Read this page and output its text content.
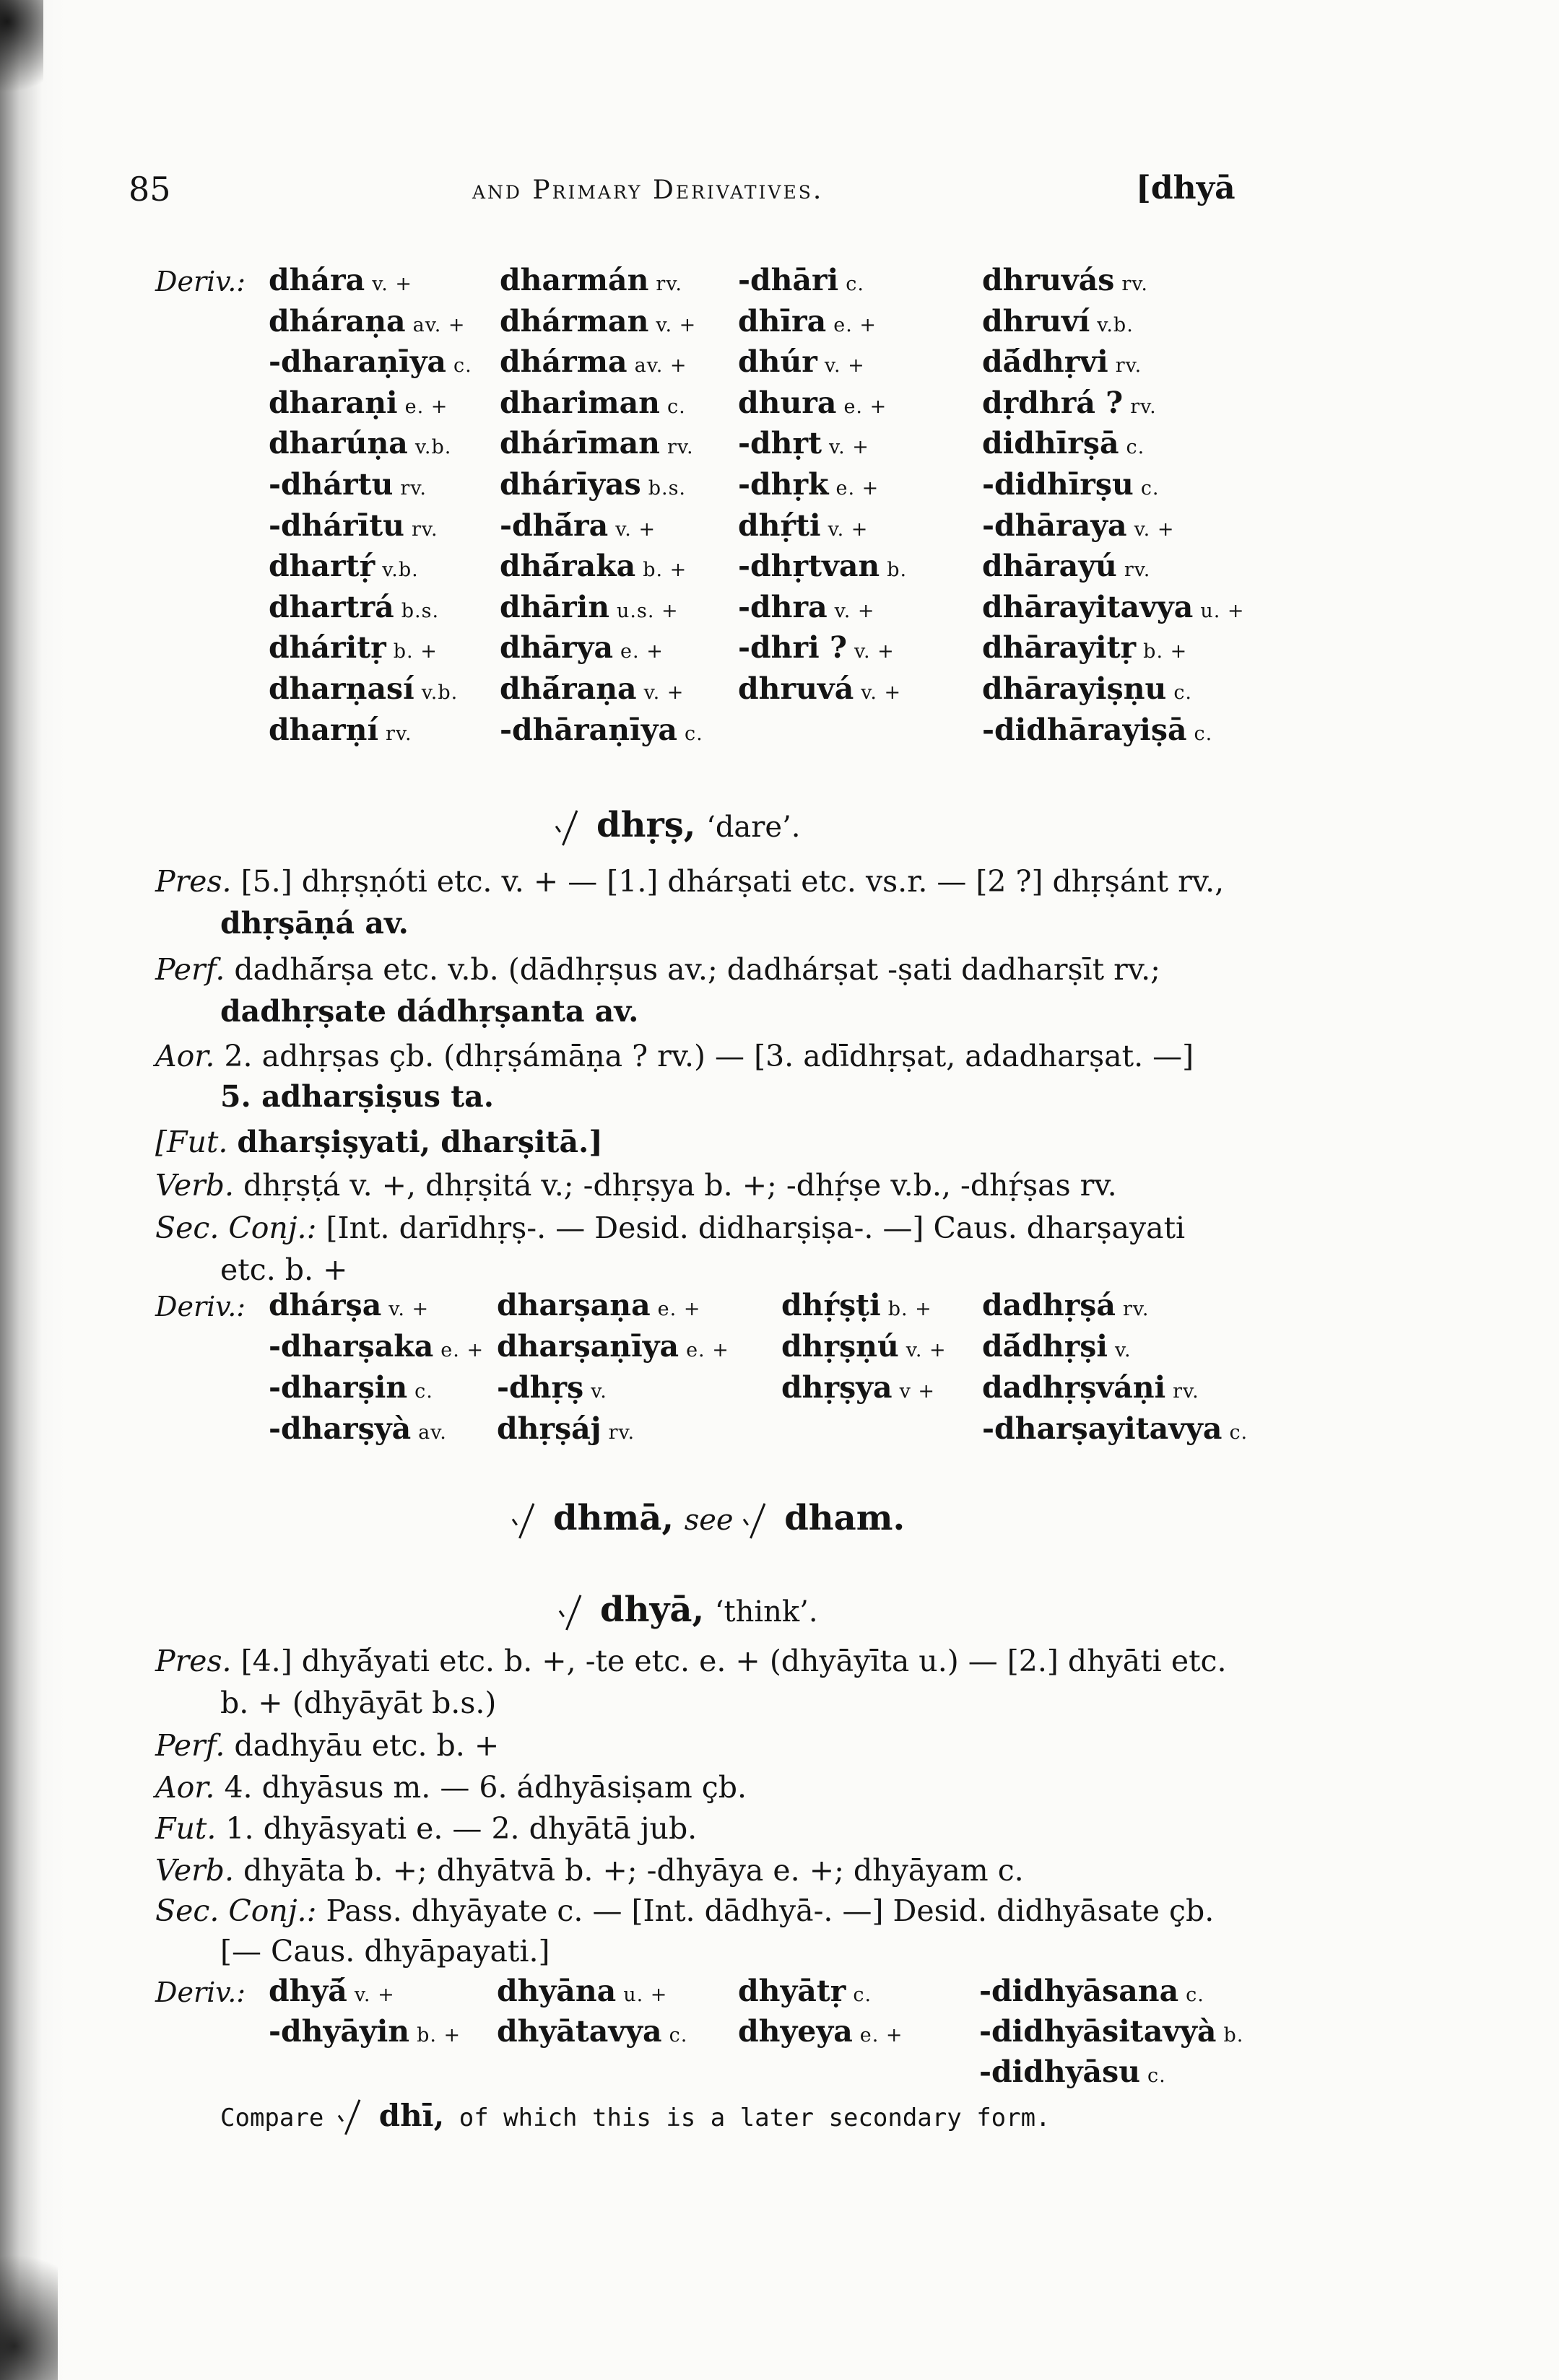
85	and Primary Derivatives.	[dhyā
Deriv.: dhára v. +
dháraṇa av. +
-dharaṇīya c.
dharaṇi e. +
dharúṇa v.b.
-dhártu rv.
-dhárītu rv.
dhartṛ́ v.b.
dhartrá b.s.
dháritṛ b. +
dharṇasí v.b.
dharṇí rv.
dharmán rv.
dhárman v. +
dhárma av. +
dhariman c.
dhárīman rv.
dhárīyas b.s.
-dhā́ra v. +
dhā́raka b. +
dhārin u.s. +
dhārya e. +
dhā́raṇa v. +
-dhāraṇīya c.
-dhāri c.
dhīra e. +
dhúr v. +
dhura e. +
-dhṛt v. +
-dhṛk e. +
dhṛ́ti v. +
-dhṛtvan b.
-dhra v. +
-dhri ? v. +
dhruvá v. +
dhruvás rv.
dhruví v.b.
dā́dhṛvi rv.
dṛdhrá ? rv.
didhīrṣā c.
-didhīrṣu c.
-dhāraya v. +
dhārayú rv.
dhārayitavya u. +
dhārayitṛ b. +
dhārayiṣṇu c.
-didhārayiṣā c.
dhṛṣ, ‘dare’.
Pres. [5.] dhṛṣṇóti etc. v. + — [1.] dhárṣati etc. vs.r. — [2 ?] dhṛṣánt rv.,
dhṛṣāṇá av.
Perf. dadhā́rṣa etc. v.b. (dādhṛṣus av.; dadhárṣat -ṣati dadharṣīt rv.;
dadhṛṣate dádhṛṣanta av.
Aor. 2. adhṛṣas çb. (dhṛṣámāṇa ? rv.) — [3. adīdhṛṣat, adadharṣat. —]
5. adharṣiṣus ta.
[Fut. dharṣiṣyati, dharṣitā.]
Verb. dhṛṣṭá v. +, dhṛṣitá v.; -dhṛṣya b. +; -dhṛ́ṣe v.b., -dhṛ́ṣas rv.
Sec. Conj.: [Int. darīdhṛṣ-. — Desid. didharṣiṣa-. —] Caus. dharṣayati
etc. b. +
Deriv.: dhárṣa v. +
-dharṣaka e. +
-dharṣin c.
-dharṣyà av.
dharṣaṇa e. +
dharṣaṇīya e. +
-dhṛṣ v.
dhṛṣáj rv.
dhṛ́ṣṭi b. +
dhṛṣṇú v. +
dhṛṣya v +
dadhṛṣá rv.
dā́dhṛṣi v.
dadhṛṣváṇi rv.
-dharṣayitavya c.
dhmā, see dham.
dhyā, ‘think’.
Pres. [4.] dhyā́yati etc. b. +, -te etc. e. + (dhyāyīta u.) — [2.] dhyāti etc.
b. + (dhyāyāt b.s.)
Perf. dadhyāu etc. b. +
Aor. 4. dhyāsus m. — 6. ádhyāsiṣam çb.
Fut. 1. dhyāsyati e. — 2. dhyātā jub.
Verb. dhyāta b. +; dhyātvā b. +; -dhyāya e. +; dhyāyam c.
Sec. Conj.: Pass. dhyāyate c. — [Int. dādhyā-. —] Desid. didhyāsate çb.
[— Caus. dhyāpayati.]
Deriv.: dhyā́ v. +
-dhyāyin b. +
dhyāna u. +
dhyātavya c.
dhyātṛ c.
dhyeya e. +
-didhyāsana c.
-didhyāsitavyà b.
-didhyāsu c.
Compare dhī, of which this is a later secondary form.
